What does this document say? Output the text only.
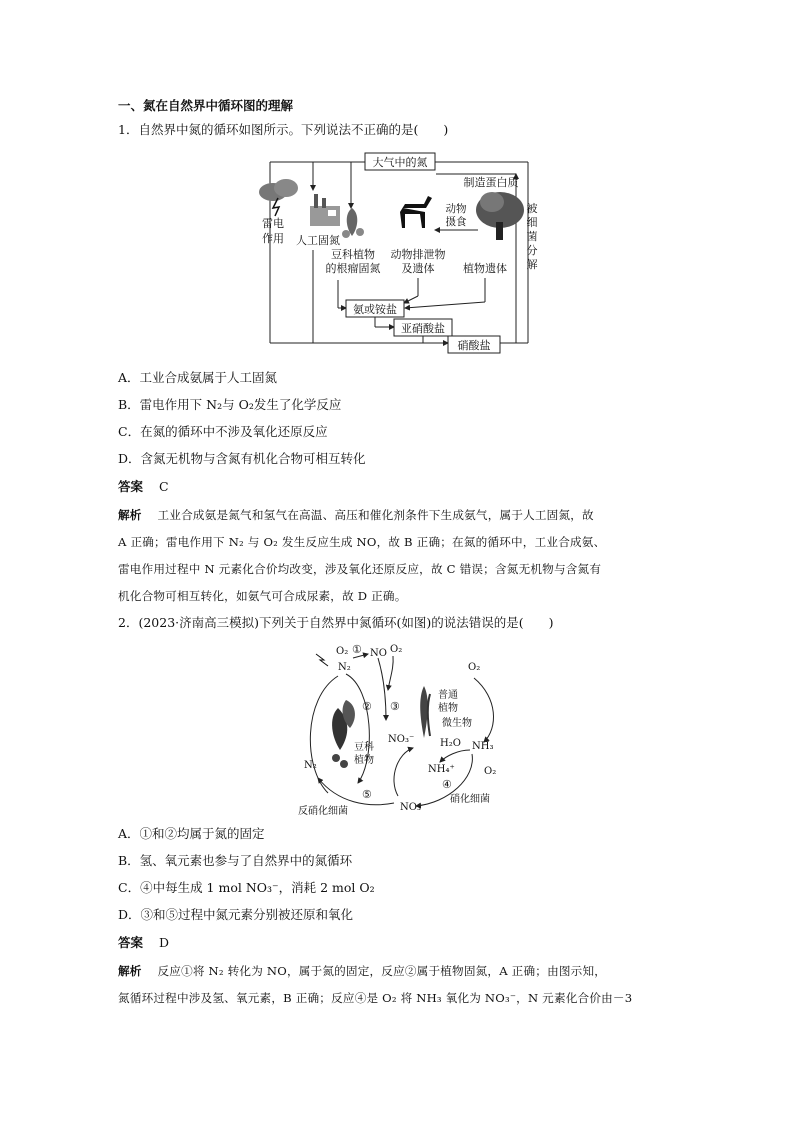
一、氮在自然界中循环图的理解
1．自然界中氮的循环如图所示。下列说法不正确的是(　　)
大气中的氮
雷电
作用 人工固氮
豆科植物
的根瘤固氮
动物
摄食
动物排泄物
及遗体
制造蛋白质
植物遗体
被
细
菌
分
解
氨或铵盐
亚硝酸盐
硝酸盐
A．工业合成氨属于人工固氮
B．雷电作用下 N₂与 O₂发生了化学反应
C．在氮的循环中不涉及氧化还原反应
D．含氮无机物与含氮有机化合物可相互转化
答案 C
解析 工业合成氨是氮气和氢气在高温、高压和催化剂条件下生成氨气，属于人工固氮，故
A 正确；雷电作用下 N₂ 与 O₂ 发生反应生成 NO，故 B 正确；在氮的循环中，工业合成氨、
雷电作用过程中 N 元素化合价均改变，涉及氧化还原反应，故 C 错误；含氮无机物与含氮有
机化合物可相互转化，如氨气可合成尿素，故 D 正确。
2．(2023·济南高三模拟)下列关于自然界中氮循环(如图)的说法错误的是(　　)
O₂ ① NO O₂
N₂	O₂
② ③
豆科
植物
普通
植物
微生物
NO₃⁻	H₂O NH₃
NH₄⁺
④
O₂
N₂
⑤
NO₃⁻
硝化细菌
反硝化细菌
A．①和②均属于氮的固定
B．氢、氧元素也参与了自然界中的氮循环
C．④中每生成 1 mol NO₃⁻，消耗 2 mol O₂
D．③和⑤过程中氮元素分别被还原和氧化
答案 D
解析 反应①将 N₂ 转化为 NO，属于氮的固定，反应②属于植物固氮，A 正确；由图示知，
氮循环过程中涉及氢、氧元素，B 正确；反应④是 O₂ 将 NH₃ 氧化为 NO₃⁻，N 元素化合价由－3
